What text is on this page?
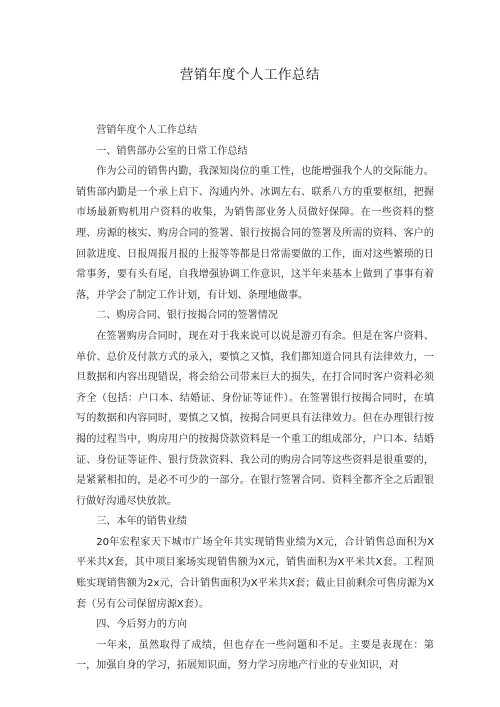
营销年度个人工作总结

营销年度个人工作总结

一、销售部办公室的日常工作总结

作为公司的销售内勤，我深知岗位的重工性，也能增强我个人的交际能力。销售部内勤是一个承上启下、沟通内外、冰调左右、联系八方的重要枢纽，把握市场最新购机用户资料的收集，为销售部业务人员做好保障。在一些资料的整理、房源的核实、购房合同的签署、银行按揭合同的签署及所需的资料、客户的回款进度、日报周报月报的上报等等都是日常需要做的工作，面对这些繁琐的日常事务，要有头有尾，自我增强协调工作意识，这半年来基本上做到了事事有着落，并学会了制定工作计划，有计划、条理地做事。

二、购房合同、银行按揭合同的签署情况

在签署购房合同时，现在对于我来说可以说是游刃有余。但是在客户资料、单价、总价及付款方式的录入，要慎之又慎，我们都知道合同具有法律效力，一旦数据和内容出现错误，将会给公司带来巨大的损失，在打合同时客户资料必须齐全（包括：户口本、结婚证、身份证等证件）。在签署银行按揭合同时，在填写的数据和内容同时，要慎之又慎，按揭合同更具有法律效力。但在办理银行按揭的过程当中，购房用户的按揭贷款资料是一个重工的组成部分，户口本、结婚证、身份证等证件、银行贷款资料、我公司的购房合同等这些资料是很重要的，是紧紧相扣的，是必不可少的一部分。在银行签署合同、资料全都齐全之后跟银行做好沟通尽快放款。

三、本年的销售业绩

20年宏程家天下城市广场全年共实现销售业绩为X元，合计销售总面积为X平米共X套，其中项目案场实现销售额为X元，销售面积为X平米共X套。工程顶账实现销售额为2x元，合计销售面积为X平米共X套；截止目前剩余可售房源为X套（另有公司保留房源X套）。

四、今后努力的方向

一年来，虽然取得了成绩，但也存在一些问题和不足。主要是表现在：第一，加强自身的学习，拓展知识面，努力学习房地产行业的专业知识，对
